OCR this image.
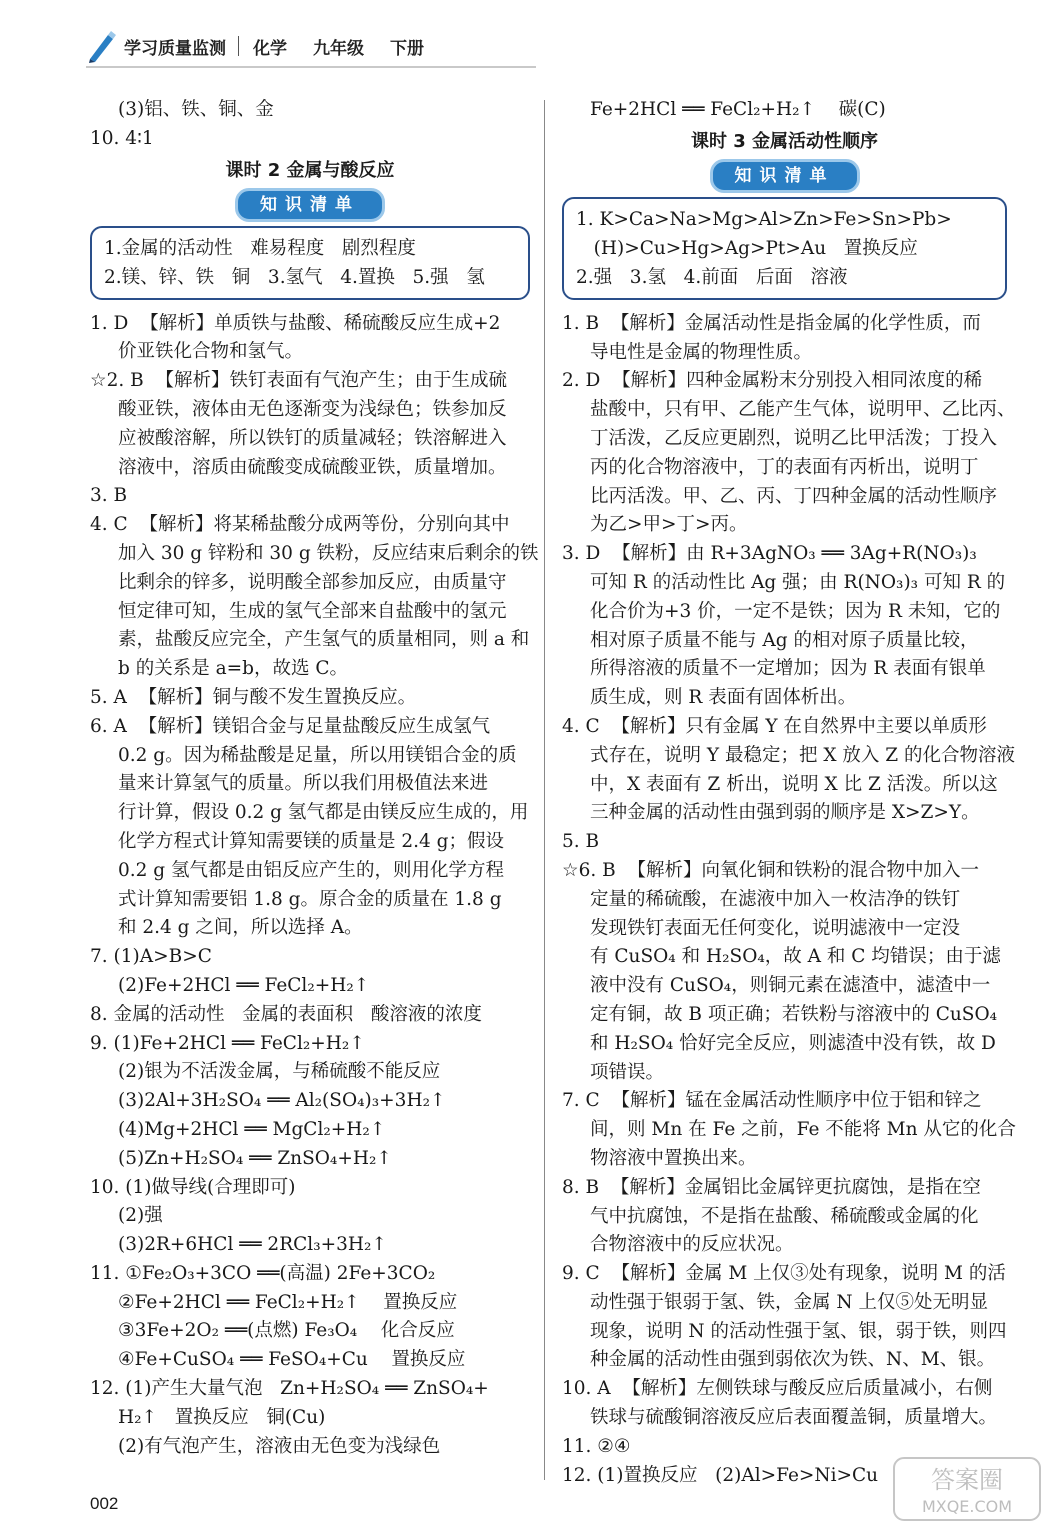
学习质量监测 化学 九年级 下册
(3)铝、铁、铜、金
10. 4∶1
课时 2 金属与酸反应
知识清单
1.金属的活动性   难易程度   剧烈程度
2.镁、锌、铁   铜   3.氢气   4.置换   5.强   氢
1. D  【解析】单质铁与盐酸、稀硫酸反应生成+2
价亚铁化合物和氢气。
☆2. B  【解析】铁钉表面有气泡产生；由于生成硫
酸亚铁，液体由无色逐渐变为浅绿色；铁参加反
应被酸溶解，所以铁钉的质量减轻；铁溶解进入
溶液中，溶质由硫酸变成硫酸亚铁，质量增加。
3. B
4. C  【解析】将某稀盐酸分成两等份，分别向其中
加入 30 g 锌粉和 30 g 铁粉，反应结束后剩余的铁
比剩余的锌多，说明酸全部参加反应，由质量守
恒定律可知，生成的氢气全部来自盐酸中的氢元
素，盐酸反应完全，产生氢气的质量相同，则 a 和
b 的关系是 a=b，故选 C。
5. A  【解析】铜与酸不发生置换反应。
6. A  【解析】镁铝合金与足量盐酸反应生成氢气
0.2 g。因为稀盐酸是足量，所以用镁铝合金的质
量来计算氢气的质量。所以我们用极值法来进
行计算，假设 0.2 g 氢气都是由镁反应生成的，用
化学方程式计算知需要镁的质量是 2.4 g；假设
0.2 g 氢气都是由铝反应产生的，则用化学方程
式计算知需要铝 1.8 g。原合金的质量在 1.8 g
和 2.4 g 之间，所以选择 A。
7. (1)A>B>C
(2)Fe+2HCl ══ FeCl₂+H₂↑
8. 金属的活动性   金属的表面积   酸溶液的浓度
9. (1)Fe+2HCl ══ FeCl₂+H₂↑
(2)银为不活泼金属，与稀硫酸不能反应
(3)2Al+3H₂SO₄ ══ Al₂(SO₄)₃+3H₂↑
(4)Mg+2HCl ══ MgCl₂+H₂↑
(5)Zn+H₂SO₄ ══ ZnSO₄+H₂↑
10. (1)做导线(合理即可)
(2)强
(3)2R+6HCl ══ 2RCl₃+3H₂↑
11. ①Fe₂O₃+3CO ══(高温) 2Fe+3CO₂
②Fe+2HCl ══ FeCl₂+H₂↑    置换反应
③3Fe+2O₂ ══(点燃) Fe₃O₄    化合反应
④Fe+CuSO₄ ══ FeSO₄+Cu    置换反应
12. (1)产生大量气泡   Zn+H₂SO₄ ══ ZnSO₄+
H₂↑   置换反应   铜(Cu)
(2)有气泡产生，溶液由无色变为浅绿色
Fe+2HCl ══ FeCl₂+H₂↑    碳(C)
课时 3 金属活动性顺序
知识清单
1. K>Ca>Na>Mg>Al>Zn>Fe>Sn>Pb>
(H)>Cu>Hg>Ag>Pt>Au   置换反应
2.强   3.氢   4.前面   后面   溶液
1. B  【解析】金属活动性是指金属的化学性质，而
导电性是金属的物理性质。
2. D  【解析】四种金属粉末分别投入相同浓度的稀
盐酸中，只有甲、乙能产生气体，说明甲、乙比丙、
丁活泼，乙反应更剧烈，说明乙比甲活泼；丁投入
丙的化合物溶液中，丁的表面有丙析出，说明丁
比丙活泼。甲、乙、丙、丁四种金属的活动性顺序
为乙>甲>丁>丙。
3. D  【解析】由 R+3AgNO₃ ══ 3Ag+R(NO₃)₃
可知 R 的活动性比 Ag 强；由 R(NO₃)₃ 可知 R 的
化合价为+3 价，一定不是铁；因为 R 未知，它的
相对原子质量不能与 Ag 的相对原子质量比较，
所得溶液的质量不一定增加；因为 R 表面有银单
质生成，则 R 表面有固体析出。
4. C  【解析】只有金属 Y 在自然界中主要以单质形
式存在，说明 Y 最稳定；把 X 放入 Z 的化合物溶液
中，X 表面有 Z 析出，说明 X 比 Z 活泼。所以这
三种金属的活动性由强到弱的顺序是 X>Z>Y。
5. B
☆6. B  【解析】向氧化铜和铁粉的混合物中加入一
定量的稀硫酸，在滤液中加入一枚洁净的铁钉
发现铁钉表面无任何变化，说明滤液中一定没
有 CuSO₄ 和 H₂SO₄，故 A 和 C 均错误；由于滤
液中没有 CuSO₄，则铜元素在滤渣中，滤渣中一
定有铜，故 B 项正确；若铁粉与溶液中的 CuSO₄
和 H₂SO₄ 恰好完全反应，则滤渣中没有铁，故 D
项错误。
7. C  【解析】锰在金属活动性顺序中位于铝和锌之
间，则 Mn 在 Fe 之前，Fe 不能将 Mn 从它的化合
物溶液中置换出来。
8. B  【解析】金属铝比金属锌更抗腐蚀，是指在空
气中抗腐蚀，不是指在盐酸、稀硫酸或金属的化
合物溶液中的反应状况。
9. C  【解析】金属 M 上仅③处有现象，说明 M 的活
动性强于银弱于氢、铁，金属 N 上仅⑤处无明显
现象，说明 N 的活动性强于氢、银，弱于铁，则四
种金属的活动性由强到弱依次为铁、N、M、银。
10. A  【解析】左侧铁球与酸反应后质量减小，右侧
铁球与硫酸铜溶液反应后表面覆盖铜，质量增大。
11. ②④
12. (1)置换反应   (2)Al>Fe>Ni>Cu
002
答案圈
MXQE.COM
